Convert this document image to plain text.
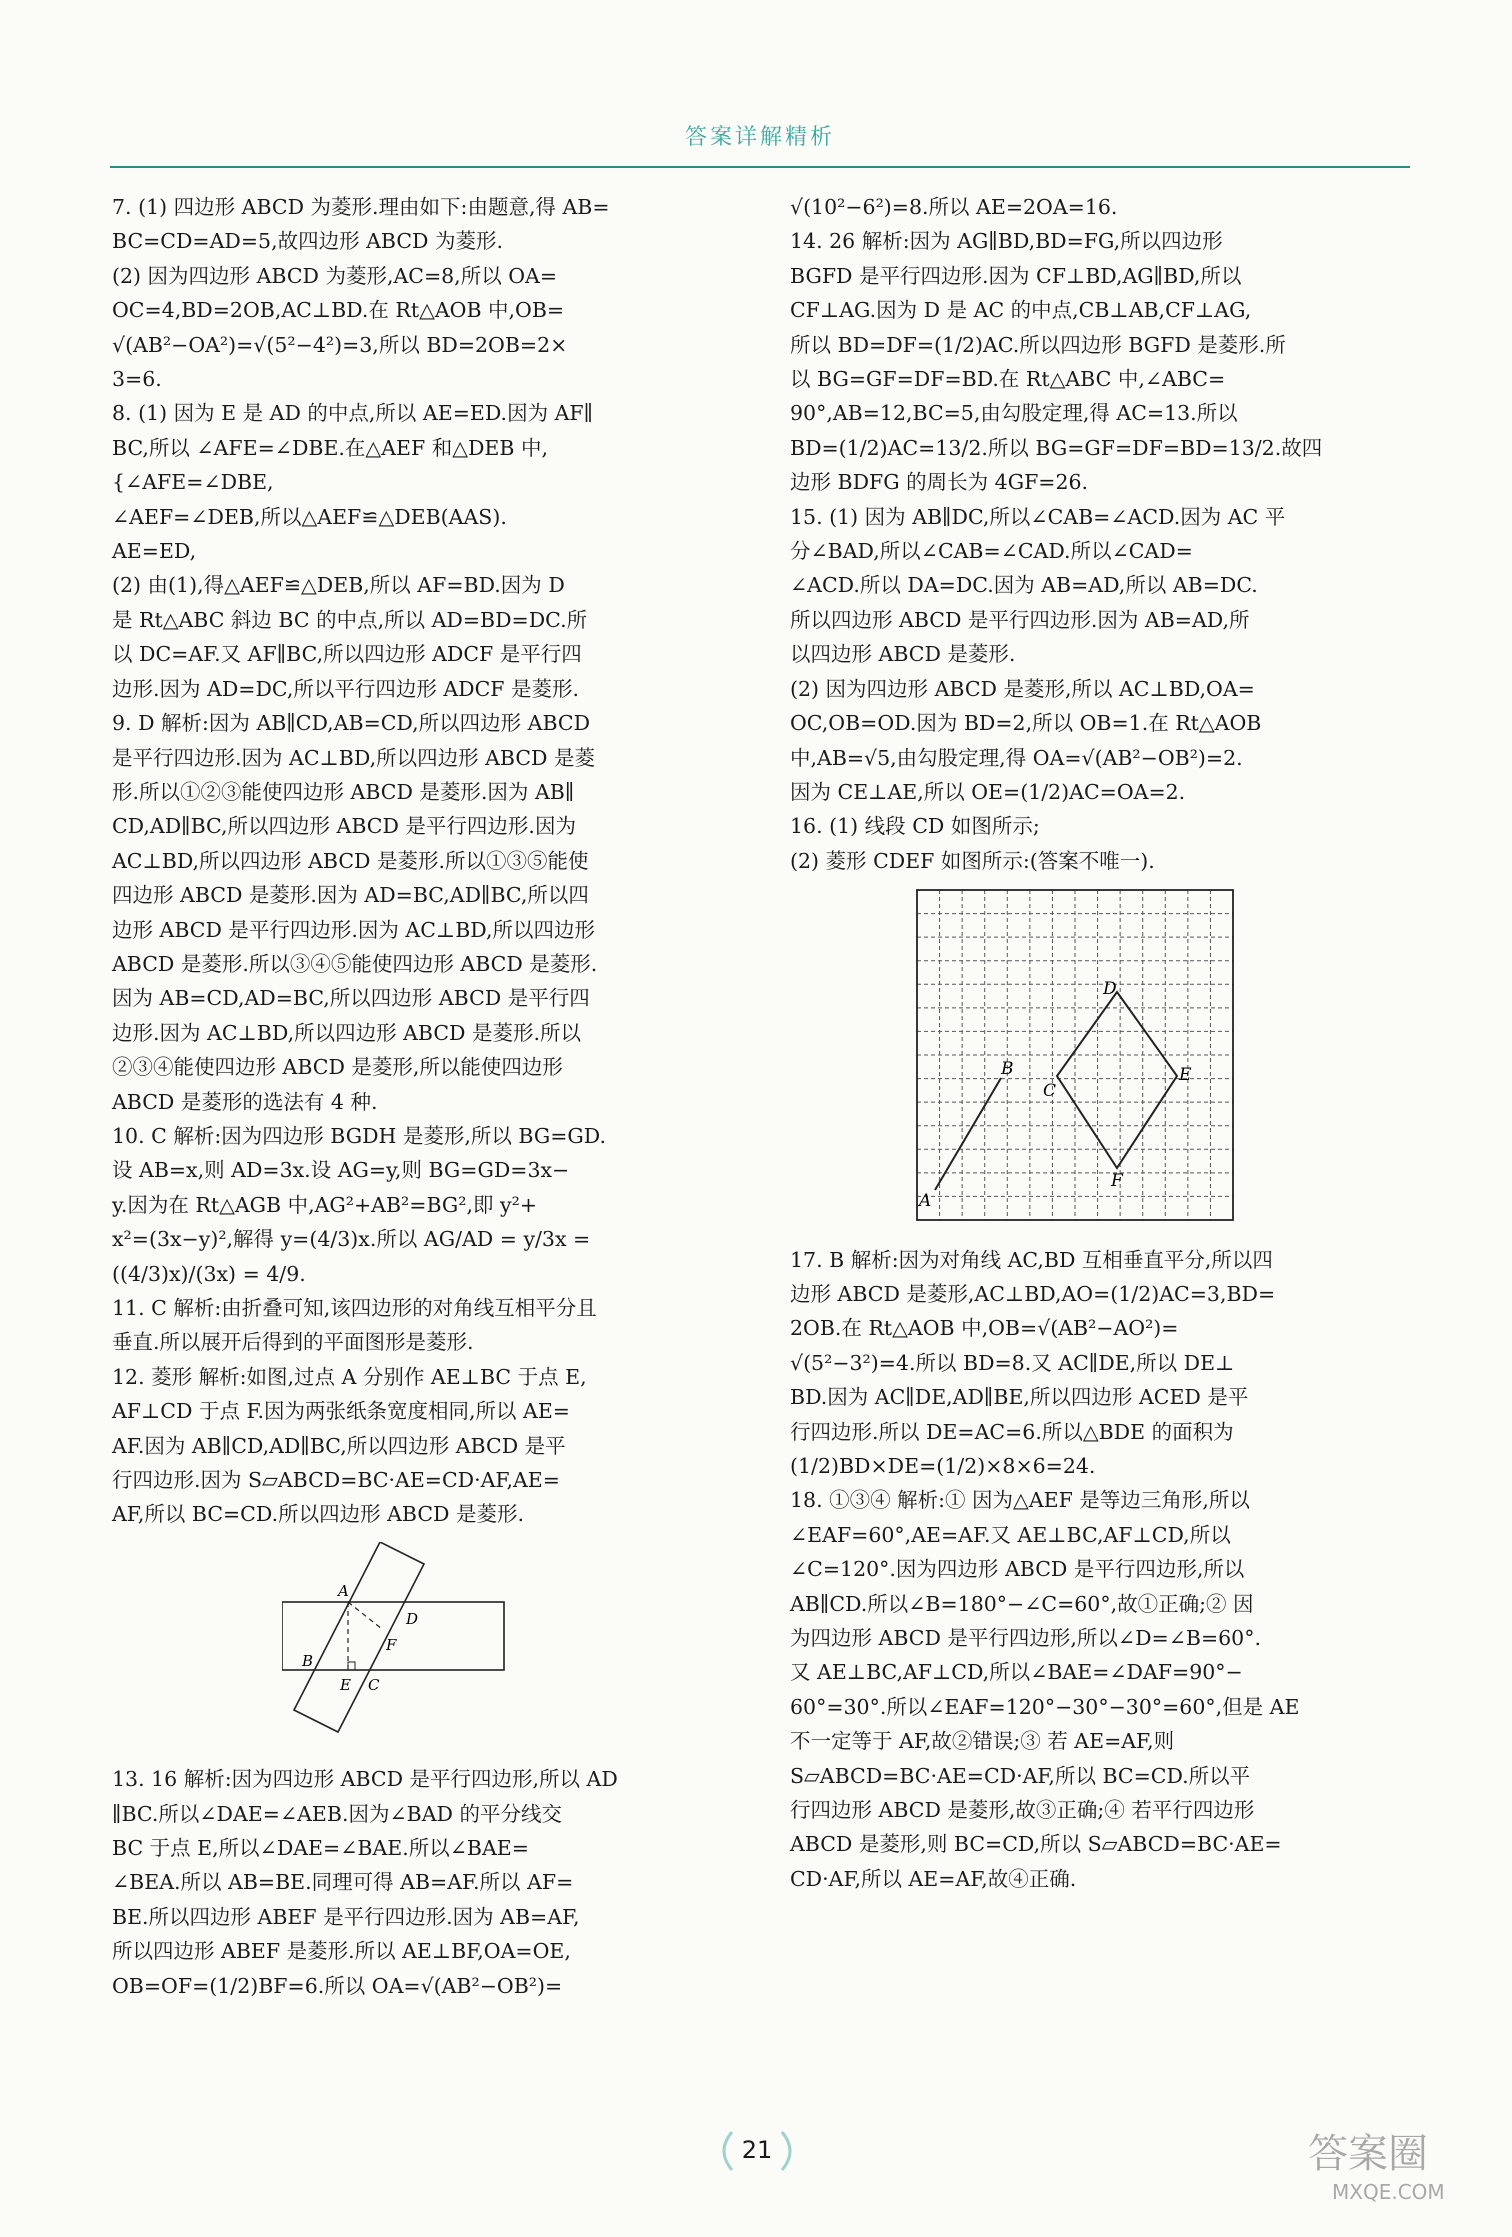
答案详解精析

7. (1) 四边形 ABCD 为菱形.理由如下:由题意,得 AB=

BC=CD=AD=5,故四边形 ABCD 为菱形.

(2) 因为四边形 ABCD 为菱形,AC=8,所以 OA=

OC=4,BD=2OB,AC⊥BD.在 Rt△AOB 中,OB=

√(AB²−OA²)=√(5²−4²)=3,所以 BD=2OB=2×

3=6.

8. (1) 因为 E 是 AD 的中点,所以 AE=ED.因为 AF∥

BC,所以 ∠AFE=∠DBE.在△AEF 和△DEB 中,

{∠AFE=∠DBE,

∠AEF=∠DEB,所以△AEF≌△DEB(AAS).

AE=ED,

(2) 由(1),得△AEF≌△DEB,所以 AF=BD.因为 D

是 Rt△ABC 斜边 BC 的中点,所以 AD=BD=DC.所

以 DC=AF.又 AF∥BC,所以四边形 ADCF 是平行四

边形.因为 AD=DC,所以平行四边形 ADCF 是菱形.

9. D 解析:因为 AB∥CD,AB=CD,所以四边形 ABCD

是平行四边形.因为 AC⊥BD,所以四边形 ABCD 是菱

形.所以①②③能使四边形 ABCD 是菱形.因为 AB∥

CD,AD∥BC,所以四边形 ABCD 是平行四边形.因为

AC⊥BD,所以四边形 ABCD 是菱形.所以①③⑤能使

四边形 ABCD 是菱形.因为 AD=BC,AD∥BC,所以四

边形 ABCD 是平行四边形.因为 AC⊥BD,所以四边形

ABCD 是菱形.所以③④⑤能使四边形 ABCD 是菱形.

因为 AB=CD,AD=BC,所以四边形 ABCD 是平行四

边形.因为 AC⊥BD,所以四边形 ABCD 是菱形.所以

②③④能使四边形 ABCD 是菱形,所以能使四边形

ABCD 是菱形的选法有 4 种.

10. C 解析:因为四边形 BGDH 是菱形,所以 BG=GD.

设 AB=x,则 AD=3x.设 AG=y,则 BG=GD=3x−

y.因为在 Rt△AGB 中,AG²+AB²=BG²,即 y²+

x²=(3x−y)²,解得 y=(4/3)x.所以 AG/AD = y/3x =

((4/3)x)/(3x) = 4/9.

11. C 解析:由折叠可知,该四边形的对角线互相平分且

垂直.所以展开后得到的平面图形是菱形.

12. 菱形 解析:如图,过点 A 分别作 AE⊥BC 于点 E,

AF⊥CD 于点 F.因为两张纸条宽度相同,所以 AE=

AF.因为 AB∥CD,AD∥BC,所以四边形 ABCD 是平

行四边形.因为 S▱ABCD=BC·AE=CD·AF,AE=

AF,所以 BC=CD.所以四边形 ABCD 是菱形.

A
B
C
D
E
F

13. 16 解析:因为四边形 ABCD 是平行四边形,所以 AD

∥BC.所以∠DAE=∠AEB.因为∠BAD 的平分线交

BC 于点 E,所以∠DAE=∠BAE.所以∠BAE=

∠BEA.所以 AB=BE.同理可得 AB=AF.所以 AF=

BE.所以四边形 ABEF 是平行四边形.因为 AB=AF,

所以四边形 ABEF 是菱形.所以 AE⊥BF,OA=OE,

OB=OF=(1/2)BF=6.所以 OA=√(AB²−OB²)=

√(10²−6²)=8.所以 AE=2OA=16.

14. 26 解析:因为 AG∥BD,BD=FG,所以四边形

BGFD 是平行四边形.因为 CF⊥BD,AG∥BD,所以

CF⊥AG.因为 D 是 AC 的中点,CB⊥AB,CF⊥AG,

所以 BD=DF=(1/2)AC.所以四边形 BGFD 是菱形.所

以 BG=GF=DF=BD.在 Rt△ABC 中,∠ABC=

90°,AB=12,BC=5,由勾股定理,得 AC=13.所以

BD=(1/2)AC=13/2.所以 BG=GF=DF=BD=13/2.故四

边形 BDFG 的周长为 4GF=26.

15. (1) 因为 AB∥DC,所以∠CAB=∠ACD.因为 AC 平

分∠BAD,所以∠CAB=∠CAD.所以∠CAD=

∠ACD.所以 DA=DC.因为 AB=AD,所以 AB=DC.

所以四边形 ABCD 是平行四边形.因为 AB=AD,所

以四边形 ABCD 是菱形.

(2) 因为四边形 ABCD 是菱形,所以 AC⊥BD,OA=

OC,OB=OD.因为 BD=2,所以 OB=1.在 Rt△AOB

中,AB=√5,由勾股定理,得 OA=√(AB²−OB²)=2.

因为 CE⊥AE,所以 OE=(1/2)AC=OA=2.

16. (1) 线段 CD 如图所示;

(2) 菱形 CDEF 如图所示:(答案不唯一).

A
B
C
D
E
F

17. B 解析:因为对角线 AC,BD 互相垂直平分,所以四

边形 ABCD 是菱形,AC⊥BD,AO=(1/2)AC=3,BD=

2OB.在 Rt△AOB 中,OB=√(AB²−AO²)=

√(5²−3²)=4.所以 BD=8.又 AC∥DE,所以 DE⊥

BD.因为 AC∥DE,AD∥BE,所以四边形 ACED 是平

行四边形.所以 DE=AC=6.所以△BDE 的面积为

(1/2)BD×DE=(1/2)×8×6=24.

18. ①③④ 解析:① 因为△AEF 是等边三角形,所以

∠EAF=60°,AE=AF.又 AE⊥BC,AF⊥CD,所以

∠C=120°.因为四边形 ABCD 是平行四边形,所以

AB∥CD.所以∠B=180°−∠C=60°,故①正确;② 因

为四边形 ABCD 是平行四边形,所以∠D=∠B=60°.

又 AE⊥BC,AF⊥CD,所以∠BAE=∠DAF=90°−

60°=30°.所以∠EAF=120°−30°−30°=60°,但是 AE

不一定等于 AF,故②错误;③ 若 AE=AF,则

S▱ABCD=BC·AE=CD·AF,所以 BC=CD.所以平

行四边形 ABCD 是菱形,故③正确;④ 若平行四边形

ABCD 是菱形,则 BC=CD,所以 S▱ABCD=BC·AE=

CD·AF,所以 AE=AF,故④正确.

21	答案圈
MXQE.COM
